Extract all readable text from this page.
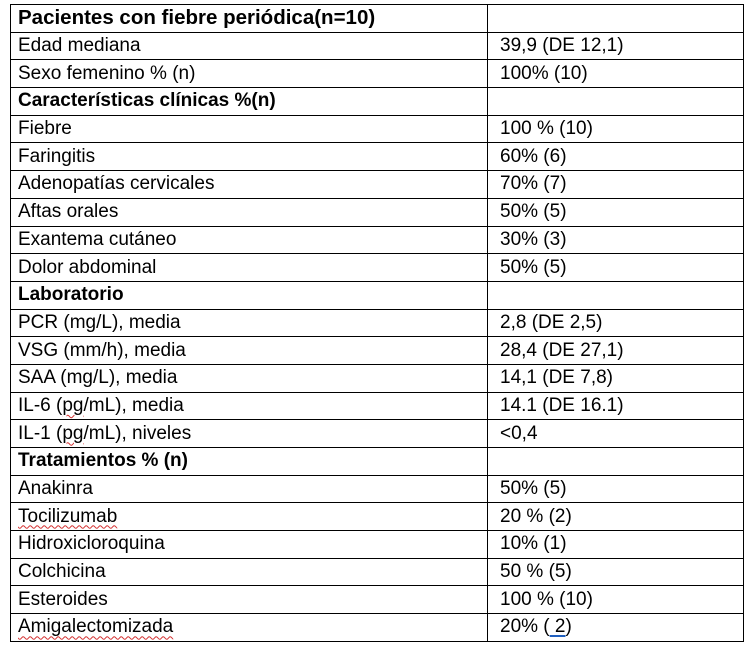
Pacientes con fiebre periódica(n=10)	
Edad mediana	39,9 (DE 12,1)
Sexo femenino % (n)	100% (10)
Características clínicas %(n)	
Fiebre	100 % (10)
Faringitis	60% (6)
Adenopatías cervicales	70% (7)
Aftas orales	50% (5)
Exantema cutáneo	30% (3)
Dolor abdominal	50% (5)
Laboratorio	
PCR (mg/L), media	2,8 (DE 2,5)
VSG (mm/h), media	28,4 (DE 27,1)
SAA (mg/L), media	14,1 (DE 7,8)
IL-6 (pg/mL), media	14.1 (DE 16.1)
IL-1 (pg/mL), niveles	<0,4
Tratamientos % (n)	
Anakinra	50% (5)
Tocilizumab	20 % (2)
Hidroxicloroquina	10% (1)
Colchicina	50 % (5)
Esteroides	100 % (10)
Amigalectomizada	20% ( 2)
